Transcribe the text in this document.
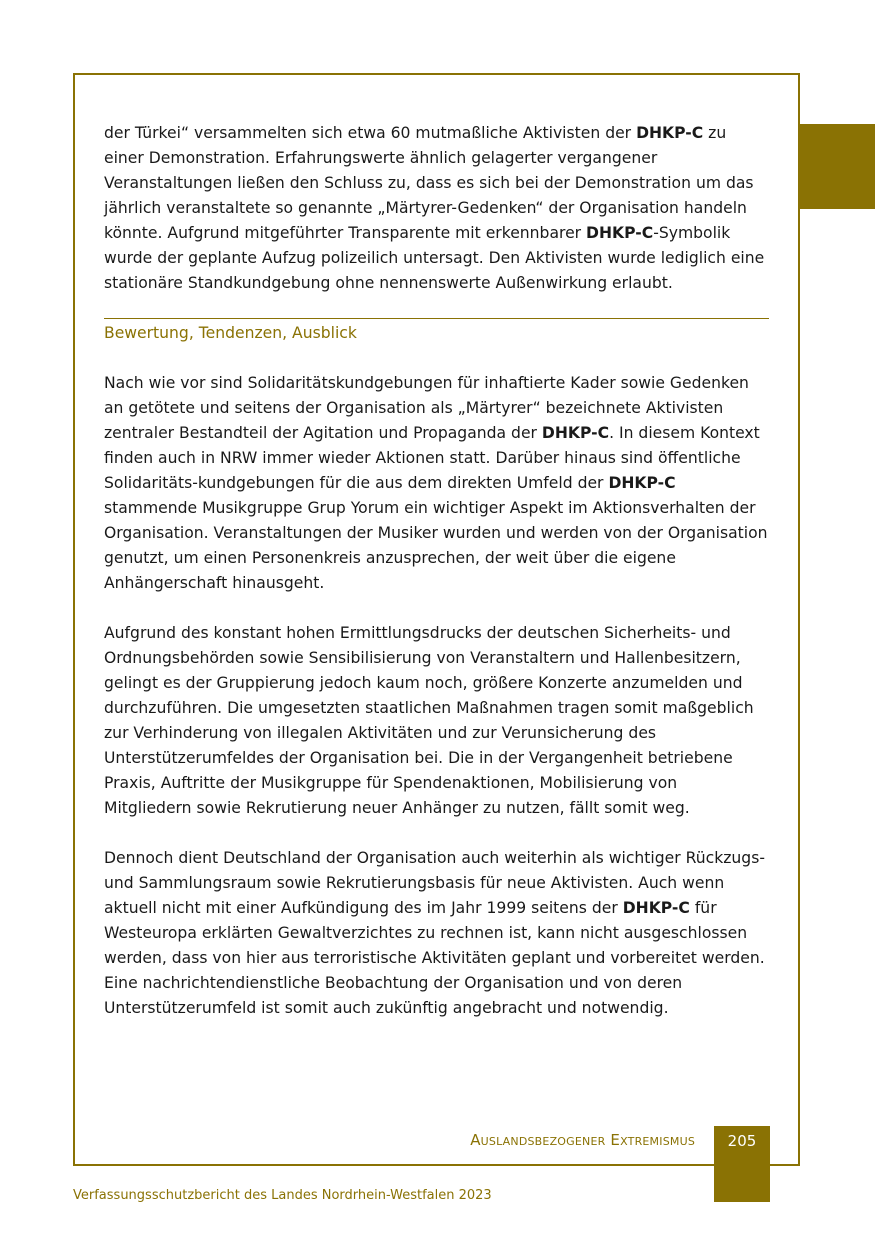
der Türkei“ versammelten sich etwa 60 mutmaßliche Aktivisten der DHKP-C zu einer Demonstration. Erfahrungswerte ähnlich gelagerter vergangener Veranstaltungen ließen den Schluss zu, dass es sich bei der Demonstration um das jährlich veranstaltete so genannte „Märtyrer-Gedenken“ der Organisation handeln könnte. Aufgrund mitgeführter Transparente mit erkennbarer DHKP-C-Symbolik wurde der geplante Aufzug polizeilich untersagt. Den Aktivisten wurde lediglich eine stationäre Standkundgebung ohne nennenswerte Außenwirkung erlaubt.

Bewertung, Tendenzen, Ausblick

Nach wie vor sind Solidaritätskundgebungen für inhaftierte Kader sowie Gedenken an getötete und seitens der Organisation als „Märtyrer“ bezeichnete Aktivisten zentraler Bestandteil der Agitation und Propaganda der DHKP-C. In diesem Kontext finden auch in NRW immer wieder Aktionen statt. Darüber hinaus sind öffentliche Solidaritäts-kundgebungen für die aus dem direkten Umfeld der DHKP-C stammende Musikgruppe Grup Yorum ein wichtiger Aspekt im Aktionsverhalten der Organisation. Veranstaltungen der Musiker wurden und werden von der Organisation genutzt, um einen Personenkreis anzusprechen, der weit über die eigene Anhängerschaft hinausgeht.

Aufgrund des konstant hohen Ermittlungsdrucks der deutschen Sicherheits- und Ordnungsbehörden sowie Sensibilisierung von Veranstaltern und Hallenbesitzern, gelingt es der Gruppierung jedoch kaum noch, größere Konzerte anzumelden und durchzuführen. Die umgesetzten staatlichen Maßnahmen tragen somit maßgeblich zur Verhinderung von illegalen Aktivitäten und zur Verunsicherung des Unterstützerumfeldes der Organisation bei. Die in der Vergangenheit betriebene Praxis, Auftritte der Musikgruppe für Spendenaktionen, Mobilisierung von Mitgliedern sowie Rekrutierung neuer Anhänger zu nutzen, fällt somit weg.

Dennoch dient Deutschland der Organisation auch weiterhin als wichtiger Rückzugs- und Sammlungsraum sowie Rekrutierungsbasis für neue Aktivisten. Auch wenn aktuell nicht mit einer Aufkündigung des im Jahr 1999 seitens der DHKP-C für Westeuropa erklärten Gewaltverzichtes zu rechnen ist, kann nicht ausgeschlossen werden, dass von hier aus terroristische Aktivitäten geplant und vorbereitet werden. Eine nachrichtendienstliche Beobachtung der Organisation und von deren Unterstützerumfeld ist somit auch zukünftig angebracht und notwendig.

Auslandsbezogener Extremismus	205
Verfassungsschutzbericht des Landes Nordrhein-Westfalen 2023
